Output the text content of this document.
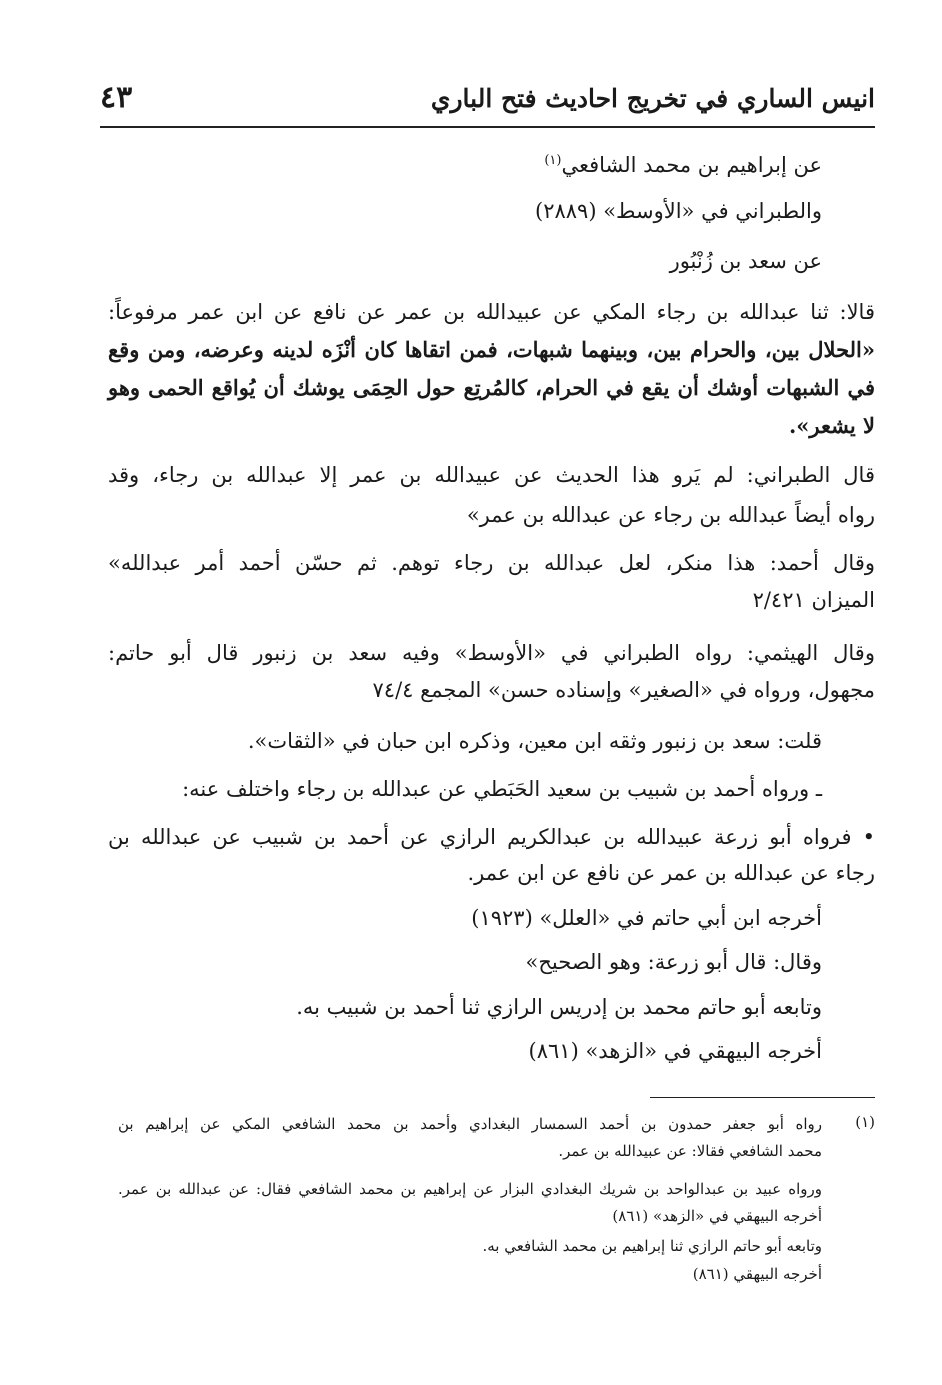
انيس الساري في تخريج احاديث فتح الباري
٤٣
عن إبراهيم بن محمد الشافعي$^{(١)}$
والطبراني في «الأوسط» (٢٨٨٩)
عن سعد بن زُنْبُور
قالا: ثنا عبدالله بن رجاء المكي عن عبيدالله بن عمر عن نافع عن ابن عمر مرفوعاً:
«الحلال بين، والحرام بين، وبينهما شبهات، فمن اتقاها كان أنْزَه لدينه وعرضه، ومن وقع
في الشبهات أوشك أن يقع في الحرام، كالمُرتِع حول الحِمَى يوشك أن يُواقع الحمى وهو
لا يشعر».
قال الطبراني: لم يَرو هذا الحديث عن عبيدالله بن عمر إلا عبدالله بن رجاء، وقد
رواه أيضاً عبدالله بن رجاء عن عبدالله بن عمر»
وقال أحمد: هذا منكر، لعل عبدالله بن رجاء توهم. ثم حسّن أحمد أمر عبدالله»
الميزان ٢/٤٢١
وقال الهيثمي: رواه الطبراني في «الأوسط» وفيه سعد بن زنبور قال أبو حاتم:
مجهول، ورواه في «الصغير» وإسناده حسن» المجمع ٧٤/٤
قلت: سعد بن زنبور وثقه ابن معين، وذكره ابن حبان في «الثقات».
ـ ورواه أحمد بن شبيب بن سعيد الحَبَطي عن عبدالله بن رجاء واختلف عنه:
• فرواه أبو زرعة عبيدالله بن عبدالكريم الرازي عن أحمد بن شبيب عن عبدالله بن
رجاء عن عبدالله بن عمر عن نافع عن ابن عمر.
أخرجه ابن أبي حاتم في «العلل» (١٩٢٣)
وقال: قال أبو زرعة: وهو الصحيح»
وتابعه أبو حاتم محمد بن إدريس الرازي ثنا أحمد بن شبيب به.
أخرجه البيهقي في «الزهد» (٨٦١)
(١)
رواه أبو جعفر حمدون بن أحمد السمسار البغدادي وأحمد بن محمد الشافعي المكي عن إبراهيم بن
محمد الشافعي فقالا: عن عبيدالله بن عمر.
ورواه عبيد بن عبدالواحد بن شريك البغدادي البزار عن إبراهيم بن محمد الشافعي فقال: عن عبدالله بن عمر.
أخرجه البيهقي في «الزهد» (٨٦١)
وتابعه أبو حاتم الرازي ثنا إبراهيم بن محمد الشافعي به.
أخرجه البيهقي (٨٦١)
